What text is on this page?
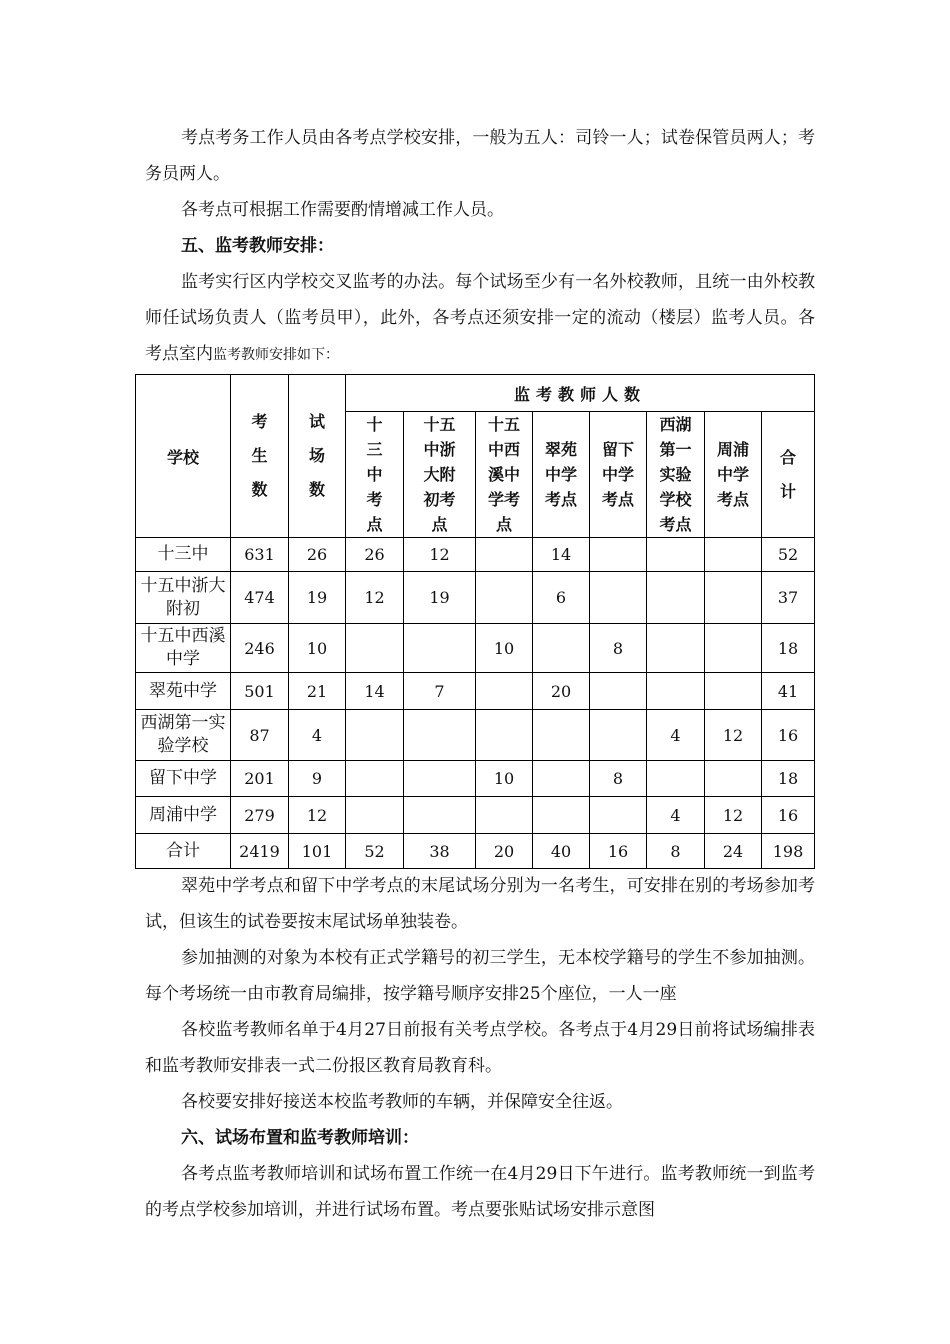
考点考务工作人员由各考点学校安排，一般为五人：司铃一人；试卷保管员两人；考务员两人。

各考点可根据工作需要酌情增减工作人员。

五、监考教师安排：

监考实行区内学校交叉监考的办法。每个试场至少有一名外校教师，且统一由外校教师任试场负责人（监考员甲），此外，各考点还须安排一定的流动（楼层）监考人员。各考点室内监考教师安排如下：

学校	考生数	试场数	监考教师人数							
			十三中考点	十五中浙大附初考点	十五中西溪中学考点	翠苑中学考点	留下中学考点	西湖第一实验学校考点	周浦中学考点	合计
十三中	631	26	26	12		14				52
十五中浙大附初	474	19	12	19		6				37
十五中西溪中学	246	10			10		8			18
翠苑中学	501	21	14	7		20				41
西湖第一实验学校	87	4						4	12	16
留下中学	201	9			10		8			18
周浦中学	279	12						4	12	16
合计	2419	101	52	38	20	40	16	8	24	198

翠苑中学考点和留下中学考点的末尾试场分别为一名考生，可安排在别的考场参加考试，但该生的试卷要按末尾试场单独装卷。

参加抽测的对象为本校有正式学籍号的初三学生，无本校学籍号的学生不参加抽测。每个考场统一由市教育局编排，按学籍号顺序安排25个座位，一人一座

各校监考教师名单于4月27日前报有关考点学校。各考点于4月29日前将试场编排表和监考教师安排表一式二份报区教育局教育科。

各校要安排好接送本校监考教师的车辆，并保障安全往返。

六、试场布置和监考教师培训：

各考点监考教师培训和试场布置工作统一在4月29日下午进行。监考教师统一到监考的考点学校参加培训，并进行试场布置。考点要张贴试场安排示意图
